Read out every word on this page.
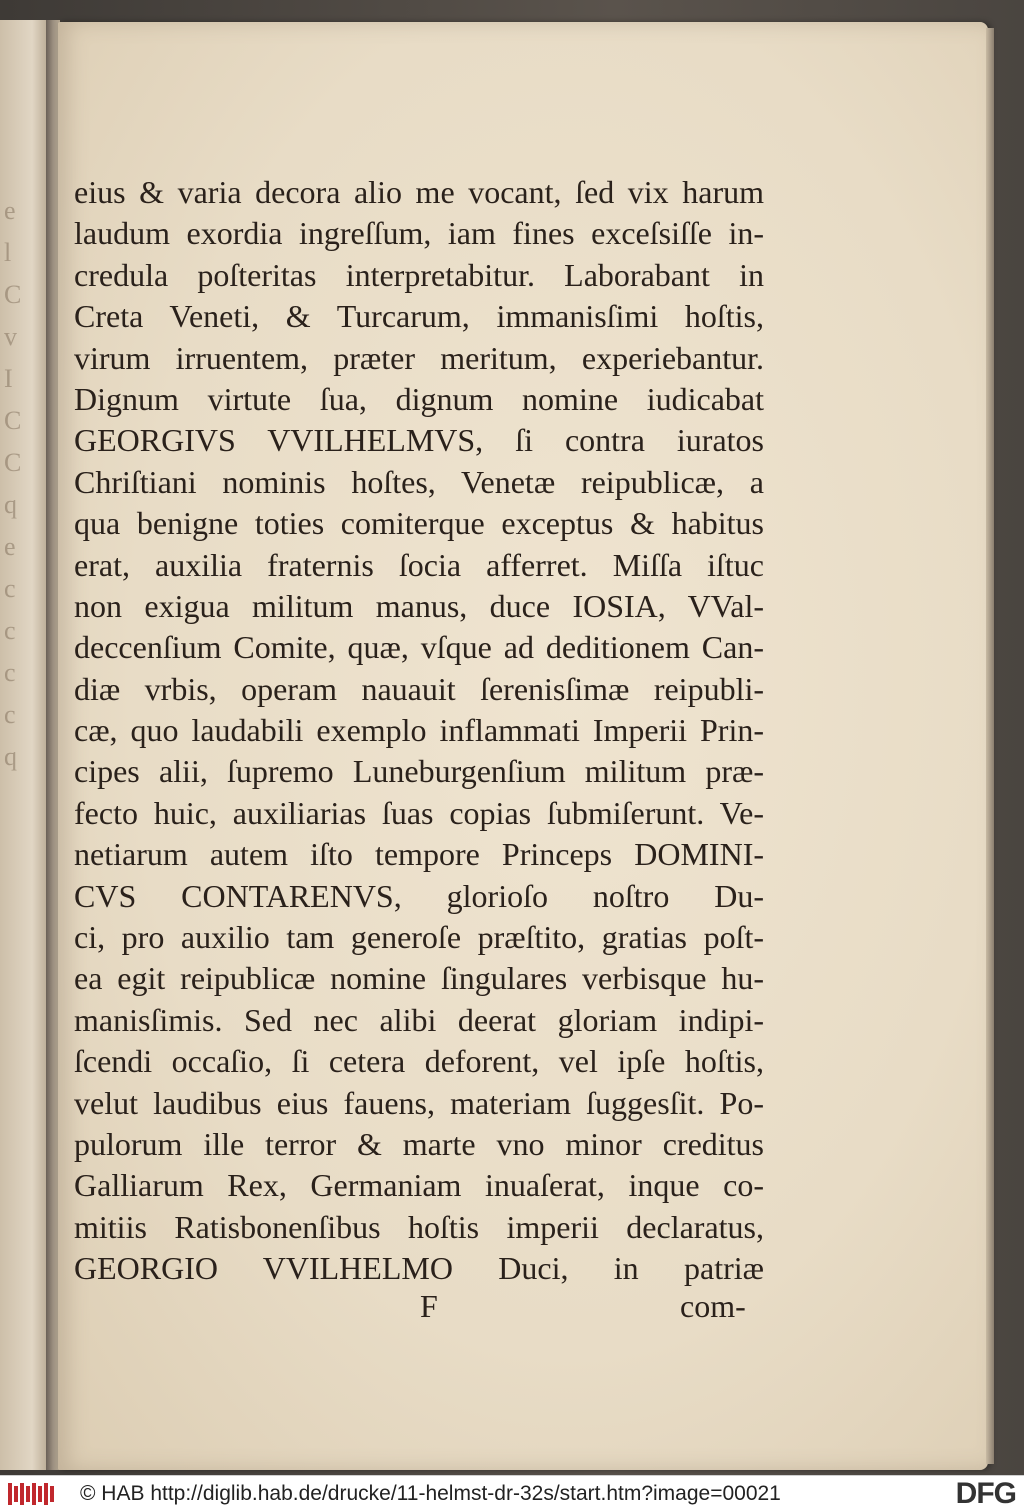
e
l
C
v
I
C
C
q
e
c
c
c
c
q
eius & varia decora alio me vocant, ſed vix harum
laudum exordia ingreſſum, iam fines exceſsiſſe in-
credula poſteritas interpretabitur. Laborabant in
Creta Veneti, & Turcarum, immanisſimi hoſtis,
virum irruentem, præter meritum, experiebantur.
Dignum virtute ſua, dignum nomine iudicabat
GEORGIVS VVILHELMVS, ſi contra iuratos
Chriſtiani nominis hoſtes, Venetæ reipublicæ, a
qua benigne toties comiterque exceptus & habitus
erat, auxilia fraternis ſocia afferret. Miſſa iſtuc
non exigua militum manus, duce IOSIA, VVal-
deccenſium Comite, quæ, vſque ad deditionem Can-
diæ vrbis, operam nauauit ſerenisſimæ reipubli-
cæ, quo laudabili exemplo inflammati Imperii Prin-
cipes alii, ſupremo Luneburgenſium militum præ-
fecto huic, auxiliarias ſuas copias ſubmiſerunt. Ve-
netiarum autem iſto tempore Princeps DOMINI-
CVS CONTARENVS, glorioſo noſtro Du-
ci, pro auxilio tam generoſe præſtito, gratias poſt-
ea egit reipublicæ nomine ſingulares verbisque hu-
manisſimis. Sed nec alibi deerat gloriam indipi-
ſcendi occaſio, ſi cetera deforent, vel ipſe hoſtis,
velut laudibus eius fauens, materiam ſuggesſit. Po-
pulorum ille terror & marte vno minor creditus
Galliarum Rex, Germaniam inuaſerat, inque co-
mitiis Ratisbonenſibus hoſtis imperii declaratus,
GEORGIO VVILHELMO Duci, in patriæ
F	com-
© HAB http://diglib.hab.de/drucke/11-helmst-dr-32s/start.htm?image=00021	DFG
